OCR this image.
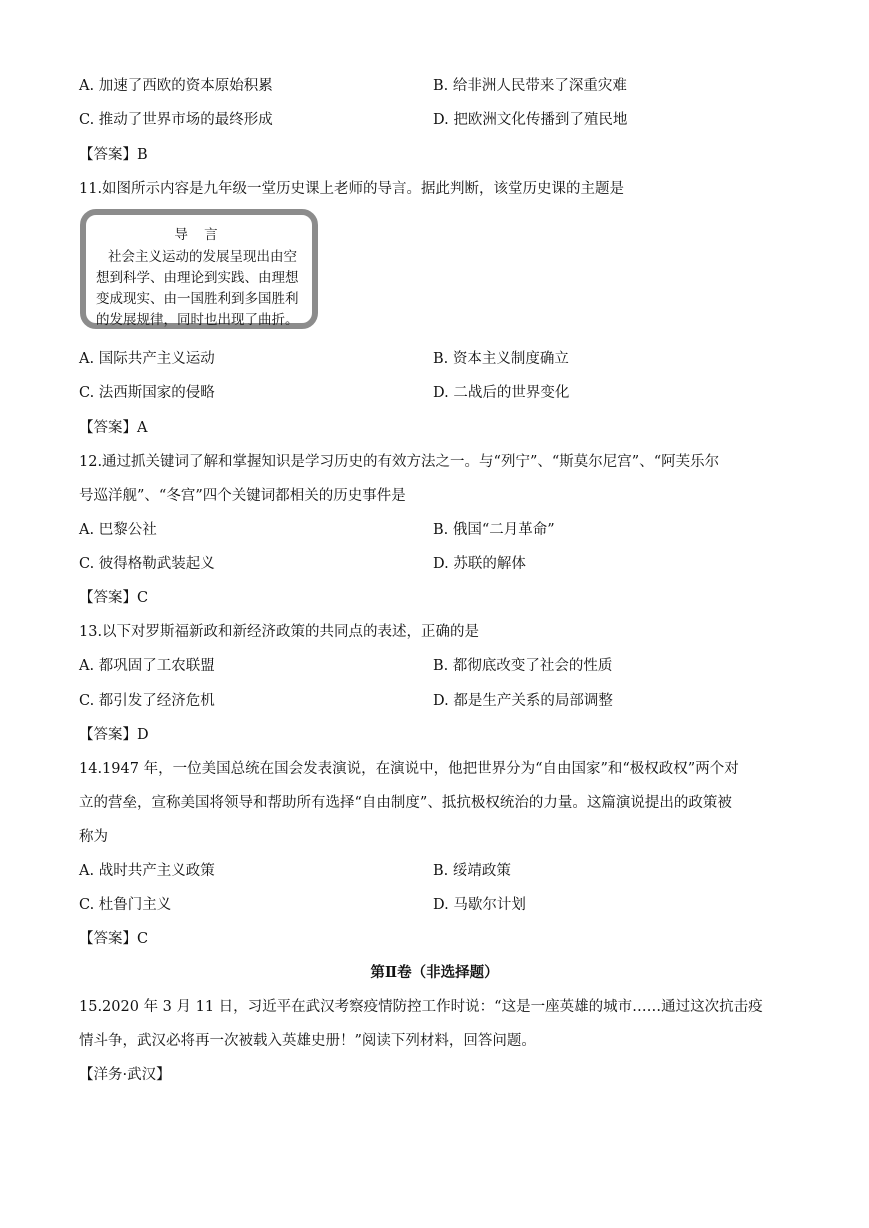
A. 加速了西欧的资本原始积累	B. 给非洲人民带来了深重灾难
C. 推动了世界市场的最终形成	D. 把欧洲文化传播到了殖民地
【答案】B
11.如图所示内容是九年级一堂历史课上老师的导言。据此判断，该堂历史课的主题是
导 言
社会主义运动的发展呈现出由空
想到科学、由理论到实践、由理想
变成现实、由一国胜利到多国胜利
的发展规律，同时也出现了曲折。
A. 国际共产主义运动	B. 资本主义制度确立
C. 法西斯国家的侵略	D. 二战后的世界变化
【答案】A
12.通过抓关键词了解和掌握知识是学习历史的有效方法之一。与“列宁”、“斯莫尔尼宫”、“阿芙乐尔
号巡洋舰”、“冬宫”四个关键词都相关的历史事件是
A. 巴黎公社	B. 俄国“二月革命”
C. 彼得格勒武装起义	D. 苏联的解体
【答案】C
13.以下对罗斯福新政和新经济政策的共同点的表述，正确的是
A. 都巩固了工农联盟	B. 都彻底改变了社会的性质
C. 都引发了经济危机	D. 都是生产关系的局部调整
【答案】D
14.1947 年，一位美国总统在国会发表演说，在演说中，他把世界分为“自由国家”和“极权政权”两个对
立的营垒，宣称美国将领导和帮助所有选择“自由制度”、抵抗极权统治的力量。这篇演说提出的政策被
称为
A. 战时共产主义政策	B. 绥靖政策
C. 杜鲁门主义	D. 马歇尔计划
【答案】C
第Ⅱ卷（非选择题）
15.2020 年 3 月 11 日，习近平在武汉考察疫情防控工作时说：“这是一座英雄的城市……通过这次抗击疫
情斗争，武汉必将再一次被载入英雄史册！”阅读下列材料，回答问题。
【洋务·武汉】
